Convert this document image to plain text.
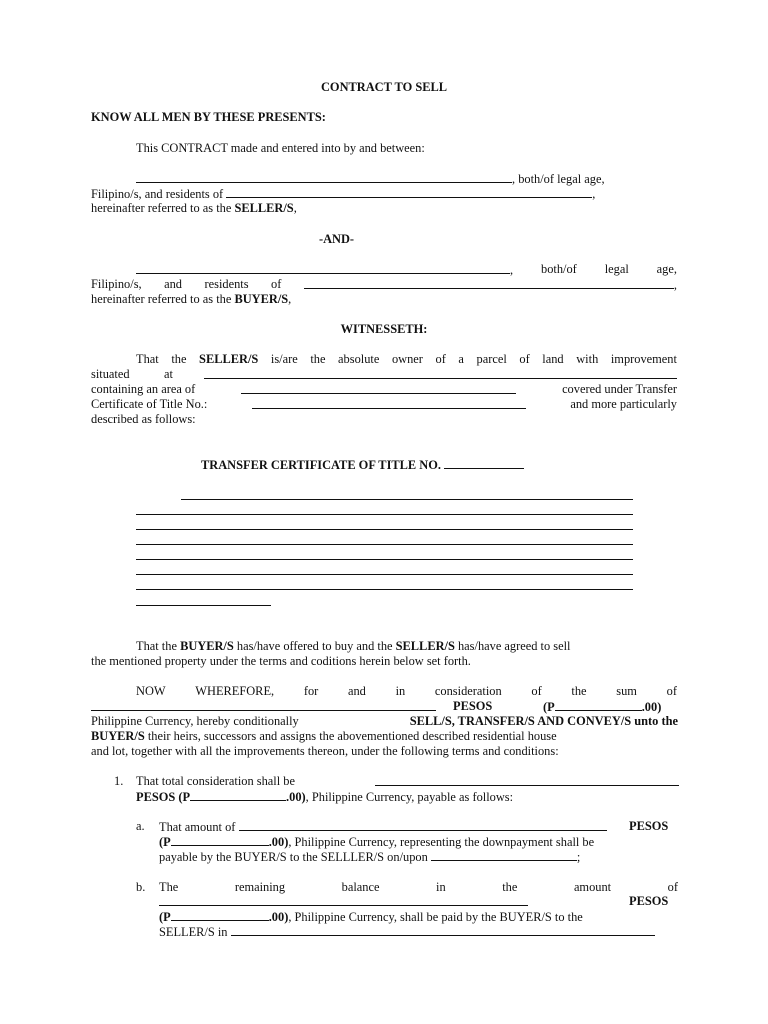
CONTRACT TO SELL
KNOW ALL MEN BY THESE PRESENTS:
This CONTRACT made and entered into by and between:
, both/of legal age,
Filipino/s, and residents of	,
hereinafter referred to as the SELLER/S,
-AND-
, both/of legal age,
Filipino/s, and residents of	,
hereinafter referred to as the BUYER/S,
WITNESSETH:
That the SELLER/S is/are the absolute owner of a parcel of land with improvement
situated	at
containing an area of	covered under Transfer
Certificate of Title No.:	and more particularly
described as follows:
TRANSFER CERTIFICATE OF TITLE NO.
That the BUYER/S has/have offered to buy and the SELLER/S has/have agreed to sell
the mentioned property under the terms and coditions herein below set forth.
NOW WHEREFORE, for and in consideration of the sum of
PESOS	(P	.00)
Philippine Currency, hereby conditionally	SELL/S, TRANSFER/S AND CONVEY/S unto the
BUYER/S their heirs, successors and assigns the abovementioned described residential house
and lot, together with all the improvements thereon, under the following terms and conditions:
1. That total consideration shall be
PESOS (P	.00), Philippine Currency, payable as follows:
a. That amount of	PESOS
(P	.00), Philippine Currency, representing the downpayment shall be
payable by the BUYER/S to the SELLLER/S on/upon	;
b. The	remaining	balance	in	the	amount	of
PESOS
(P	.00), Philippine Currency, shall be paid by the BUYER/S to the
SELLER/S in
